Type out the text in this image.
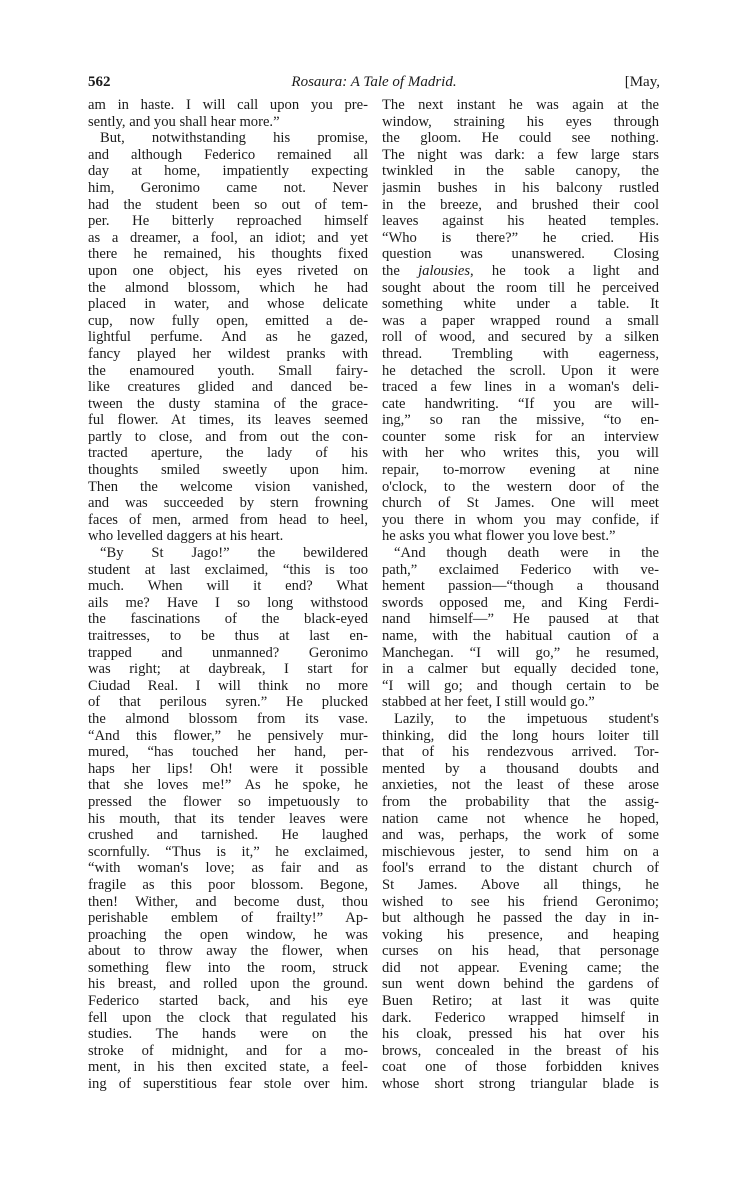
562	Rosaura: A Tale of Madrid.	[May,
am in haste. I will call upon you pre-
sently, and you shall hear more.”
But, notwithstanding his promise,
and although Federico remained all
day at home, impatiently expecting
him, Geronimo came not. Never
had the student been so out of tem-
per. He bitterly reproached himself
as a dreamer, a fool, an idiot; and yet
there he remained, his thoughts fixed
upon one object, his eyes riveted on
the almond blossom, which he had
placed in water, and whose delicate
cup, now fully open, emitted a de-
lightful perfume. And as he gazed,
fancy played her wildest pranks with
the enamoured youth. Small fairy-
like creatures glided and danced be-
tween the dusty stamina of the grace-
ful flower. At times, its leaves seemed
partly to close, and from out the con-
tracted aperture, the lady of his
thoughts smiled sweetly upon him.
Then the welcome vision vanished,
and was succeeded by stern frowning
faces of men, armed from head to heel,
who levelled daggers at his heart.
“By St Jago!” the bewildered
student at last exclaimed, “this is too
much. When will it end? What
ails me? Have I so long withstood
the fascinations of the black-eyed
traitresses, to be thus at last en-
trapped and unmanned? Geronimo
was right; at daybreak, I start for
Ciudad Real. I will think no more
of that perilous syren.” He plucked
the almond blossom from its vase.
“And this flower,” he pensively mur-
mured, “has touched her hand, per-
haps her lips! Oh! were it possible
that she loves me!” As he spoke, he
pressed the flower so impetuously to
his mouth, that its tender leaves were
crushed and tarnished. He laughed
scornfully. “Thus is it,” he exclaimed,
“with woman's love; as fair and as
fragile as this poor blossom. Begone,
then! Wither, and become dust, thou
perishable emblem of frailty!” Ap-
proaching the open window, he was
about to throw away the flower, when
something flew into the room, struck
his breast, and rolled upon the ground.
Federico started back, and his eye
fell upon the clock that regulated his
studies. The hands were on the
stroke of midnight, and for a mo-
ment, in his then excited state, a feel-
ing of superstitious fear stole over him.
The next instant he was again at the
window, straining his eyes through
the gloom. He could see nothing.
The night was dark: a few large stars
twinkled in the sable canopy, the
jasmin bushes in his balcony rustled
in the breeze, and brushed their cool
leaves against his heated temples.
“Who is there?” he cried. His
question was unanswered. Closing
the jalousies, he took a light and
sought about the room till he perceived
something white under a table. It
was a paper wrapped round a small
roll of wood, and secured by a silken
thread. Trembling with eagerness,
he detached the scroll. Upon it were
traced a few lines in a woman's deli-
cate handwriting. “If you are will-
ing,” so ran the missive, “to en-
counter some risk for an interview
with her who writes this, you will
repair, to-morrow evening at nine
o'clock, to the western door of the
church of St James. One will meet
you there in whom you may confide, if
he asks you what flower you love best.”
“And though death were in the
path,” exclaimed Federico with ve-
hement passion—“though a thousand
swords opposed me, and King Ferdi-
nand himself—” He paused at that
name, with the habitual caution of a
Manchegan. “I will go,” he resumed,
in a calmer but equally decided tone,
“I will go; and though certain to be
stabbed at her feet, I still would go.”
Lazily, to the impetuous student's
thinking, did the long hours loiter till
that of his rendezvous arrived. Tor-
mented by a thousand doubts and
anxieties, not the least of these arose
from the probability that the assig-
nation came not whence he hoped,
and was, perhaps, the work of some
mischievous jester, to send him on a
fool's errand to the distant church of
St James. Above all things, he
wished to see his friend Geronimo;
but although he passed the day in in-
voking his presence, and heaping
curses on his head, that personage
did not appear. Evening came; the
sun went down behind the gardens of
Buen Retiro; at last it was quite
dark. Federico wrapped himself in
his cloak, pressed his hat over his
brows, concealed in the breast of his
coat one of those forbidden knives
whose short strong triangular blade is
